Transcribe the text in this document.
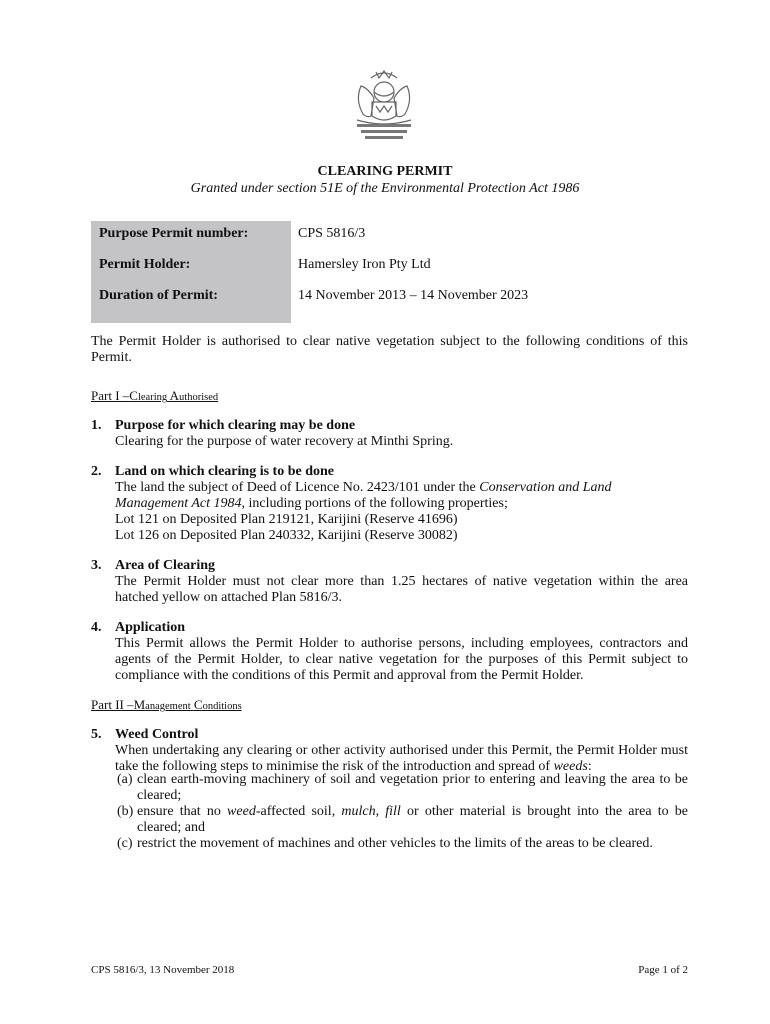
CLEARING PERMIT
Granted under section 51E of the Environmental Protection Act 1986
Purpose Permit number:	CPS 5816/3
Permit Holder:	Hamersley Iron Pty Ltd
Duration of Permit:	14 November 2013 – 14 November 2023
The Permit Holder is authorised to clear native vegetation subject to the following conditions of this Permit.
Part I –Clearing Authorised
1. Purpose for which clearing may be done
Clearing for the purpose of water recovery at Minthi Spring.
2. Land on which clearing is to be done
The land the subject of Deed of Licence No. 2423/101 under the Conservation and Land
Management Act 1984, including portions of the following properties;
Lot 121 on Deposited Plan 219121, Karijini (Reserve 41696)
Lot 126 on Deposited Plan 240332, Karijini (Reserve 30082)
3. Area of Clearing
The Permit Holder must not clear more than 1.25 hectares of native vegetation within the area hatched yellow on attached Plan 5816/3.
4. Application
This Permit allows the Permit Holder to authorise persons, including employees, contractors and agents of the Permit Holder, to clear native vegetation for the purposes of this Permit subject to compliance with the conditions of this Permit and approval from the Permit Holder.
Part II –Management Conditions
5. Weed Control
When undertaking any clearing or other activity authorised under this Permit, the Permit Holder must take the following steps to minimise the risk of the introduction and spread of weeds:
(a) clean earth-moving machinery of soil and vegetation prior to entering and leaving the area to be cleared;
(b) ensure that no weed-affected soil, mulch, fill or other material is brought into the area to be cleared; and
(c) restrict the movement of machines and other vehicles to the limits of the areas to be cleared.
CPS 5816/3, 13 November 2018	Page 1 of 2
